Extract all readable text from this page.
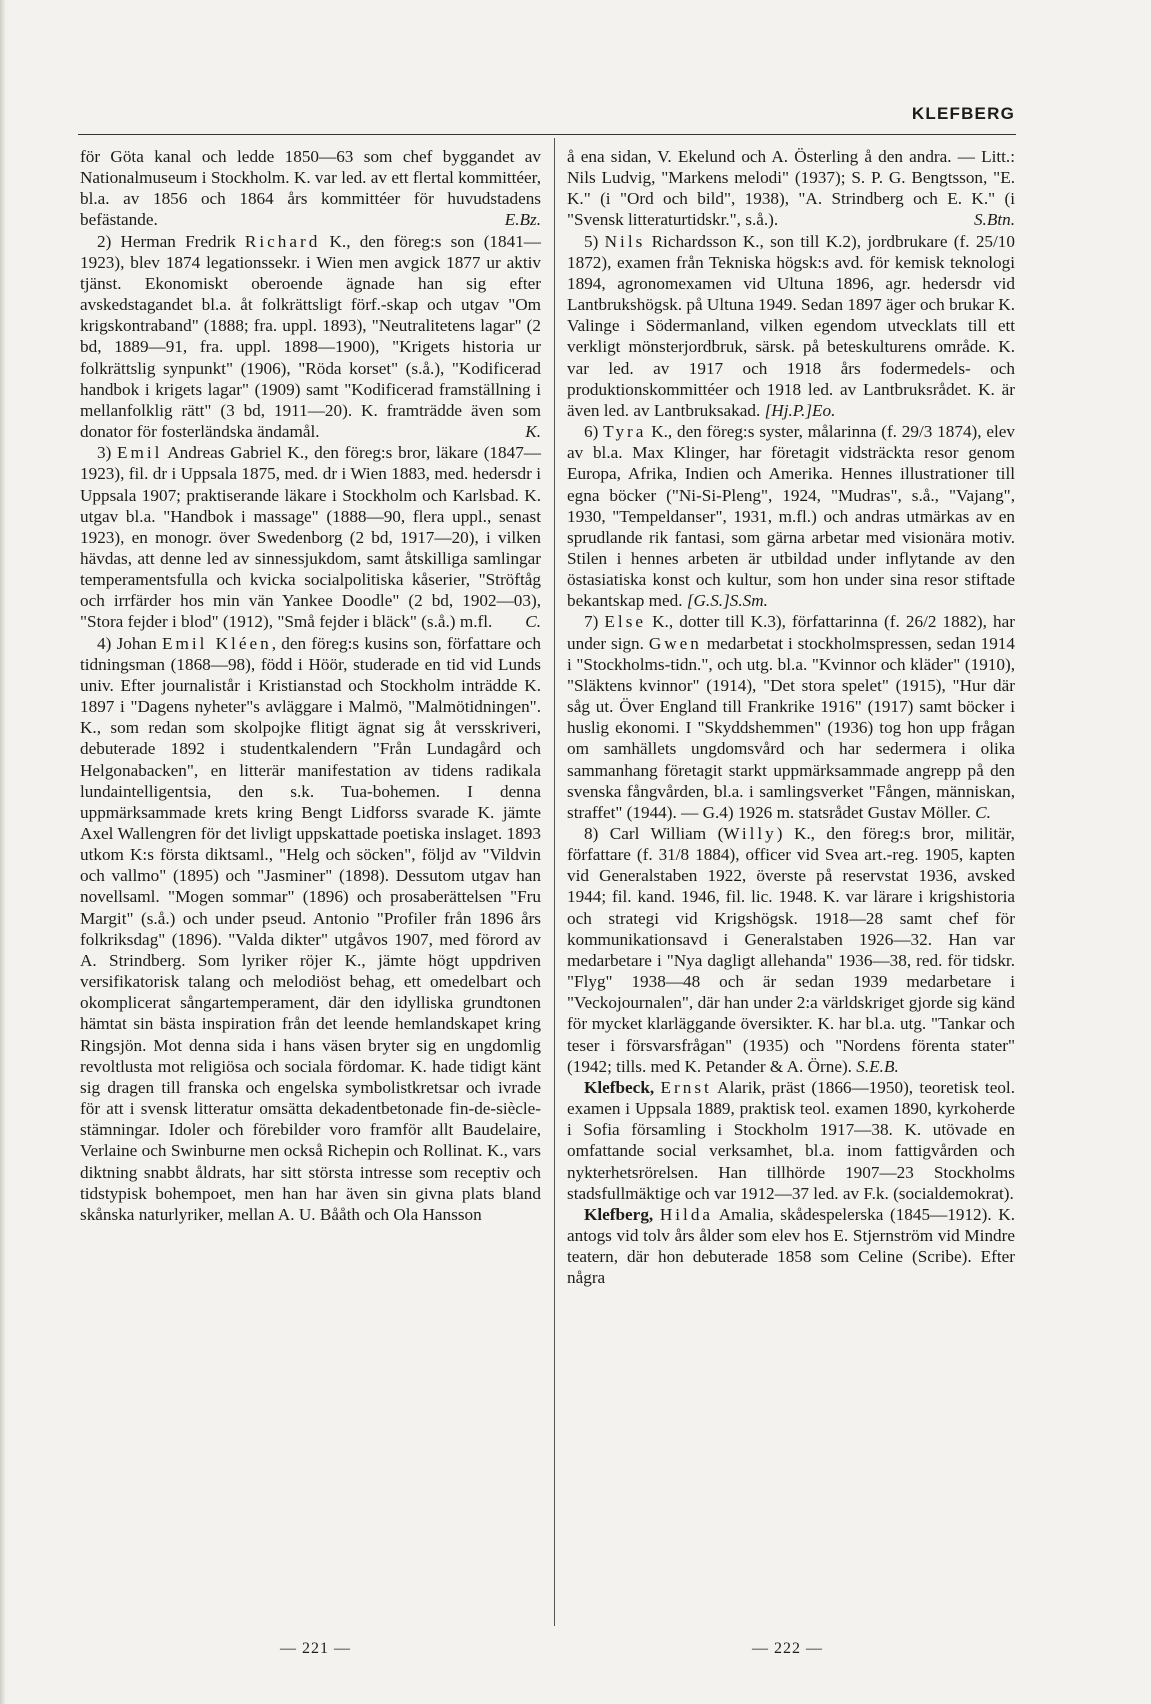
KLEFBERG

för Göta kanal och ledde 1850—63 som chef byggandet av Nationalmuseum i Stockholm. K. var led. av ett flertal kommittéer, bl.a. av 1856 och 1864 års kommittéer för huvudstadens befästande.	E.Bz.

2) Herman Fredrik Richard K., den föreg:s son (1841—1923), blev 1874 legationssekr. i Wien men avgick 1877 ur aktiv tjänst. Ekonomiskt oberoende ägnade han sig efter avskedstagandet bl.a. åt folkrättsligt förf.-skap och utgav "Om krigskontraband" (1888; fra. uppl. 1893), "Neutralitetens lagar" (2 bd, 1889—91, fra. uppl. 1898—1900), "Krigets historia ur folkrättslig synpunkt" (1906), "Röda korset" (s.å.), "Kodificerad handbok i krigets lagar" (1909) samt "Kodificerad framställning i mellanfolklig rätt" (3 bd, 1911—20). K. framträdde även som donator för fosterländska ändamål.	K.

3) Emil Andreas Gabriel K., den föreg:s bror, läkare (1847—1923), fil. dr i Uppsala 1875, med. dr i Wien 1883, med. hedersdr i Uppsala 1907; praktiserande läkare i Stockholm och Karlsbad. K. utgav bl.a. "Handbok i massage" (1888—90, flera uppl., senast 1923), en monogr. över Swedenborg (2 bd, 1917—20), i vilken hävdas, att denne led av sinnessjukdom, samt åtskilliga samlingar temperamentsfulla och kvicka socialpolitiska kåserier, "Ströftåg och irrfärder hos min vän Yankee Doodle" (2 bd, 1902—03), "Stora fejder i blod" (1912), "Små fejder i bläck" (s.å.) m.fl.	C.

4) Johan Emil Kléen, den föreg:s kusins son, författare och tidningsman (1868—98), född i Höör, studerade en tid vid Lunds univ. Efter journalistår i Kristianstad och Stockholm inträdde K. 1897 i "Dagens nyheter"s avläggare i Malmö, "Malmötidningen". K., som redan som skolpojke flitigt ägnat sig åt versskriveri, debuterade 1892 i studentkalendern "Från Lundagård och Helgonabacken", en litterär manifestation av tidens radikala lundaintelligentsia, den s.k. Tua-bohemen. I denna uppmärksammade krets kring Bengt Lidforss svarade K. jämte Axel Wallengren för det livligt uppskattade poetiska inslaget. 1893 utkom K:s första diktsaml., "Helg och söcken", följd av "Vildvin och vallmo" (1895) och "Jasminer" (1898). Dessutom utgav han novellsaml. "Mogen sommar" (1896) och prosaberättelsen "Fru Margit" (s.å.) och under pseud. Antonio "Profiler från 1896 års folkriksdag" (1896). "Valda dikter" utgåvos 1907, med förord av A. Strindberg. Som lyriker röjer K., jämte högt uppdriven versifikatorisk talang och melodiöst behag, ett omedelbart och okomplicerat sångartemperament, där den idylliska grundtonen hämtat sin bästa inspiration från det leende hemlandskapet kring Ringsjön. Mot denna sida i hans väsen bryter sig en ungdomlig revoltlusta mot religiösa och sociala fördomar. K. hade tidigt känt sig dragen till franska och engelska symbolistkretsar och ivrade för att i svensk litteratur omsätta dekadentbetonade fin-de-siècle-stämningar. Idoler och förebilder voro framför allt Baudelaire, Verlaine och Swinburne men också Richepin och Rollinat. K., vars diktning snabbt åldrats, har sitt största intresse som receptiv och tidstypisk bohempoet, men han har även sin givna plats bland skånska naturlyriker, mellan A. U. Bååth och Ola Hansson

å ena sidan, V. Ekelund och A. Österling å den andra. — Litt.: Nils Ludvig, "Markens melodi" (1937); S. P. G. Bengtsson, "E. K." (i "Ord och bild", 1938), "A. Strindberg och E. K." (i "Svensk litteraturtidskr.", s.å.).	S.Btn.

5) Nils Richardsson K., son till K.2), jordbrukare (f. 25/10 1872), examen från Tekniska högsk:s avd. för kemisk teknologi 1894, agronomexamen vid Ultuna 1896, agr. hedersdr vid Lantbrukshögsk. på Ultuna 1949. Sedan 1897 äger och brukar K. Valinge i Södermanland, vilken egendom utvecklats till ett verkligt mönsterjordbruk, särsk. på beteskulturens område. K. var led. av 1917 och 1918 års fodermedels- och produktionskommittéer och 1918 led. av Lantbruksrådet. K. är även led. av Lantbruksakad. [Hj.P.]Eo.

6) Tyra K., den föreg:s syster, målarinna (f. 29/3 1874), elev av bl.a. Max Klinger, har företagit vidsträckta resor genom Europa, Afrika, Indien och Amerika. Hennes illustrationer till egna böcker ("Ni-Si-Pleng", 1924, "Mudras", s.å., "Vajang", 1930, "Tempeldanser", 1931, m.fl.) och andras utmärkas av en sprudlande rik fantasi, som gärna arbetar med visionära motiv. Stilen i hennes arbeten är utbildad under inflytande av den östasiatiska konst och kultur, som hon under sina resor stiftade bekantskap med. [G.S.]S.Sm.

7) Else K., dotter till K.3), författarinna (f. 26/2 1882), har under sign. Gwen medarbetat i stockholmspressen, sedan 1914 i "Stockholms-tidn.", och utg. bl.a. "Kvinnor och kläder" (1910), "Släktens kvinnor" (1914), "Det stora spelet" (1915), "Hur där såg ut. Över England till Frankrike 1916" (1917) samt böcker i huslig ekonomi. I "Skyddshemmen" (1936) tog hon upp frågan om samhällets ungdomsvård och har sedermera i olika sammanhang företagit starkt uppmärksammade angrepp på den svenska fångvården, bl.a. i samlingsverket "Fången, människan, straffet" (1944). — G.4) 1926 m. statsrådet Gustav Möller. C.

8) Carl William (Willy) K., den föreg:s bror, militär, författare (f. 31/8 1884), officer vid Svea art.-reg. 1905, kapten vid Generalstaben 1922, överste på reservstat 1936, avsked 1944; fil. kand. 1946, fil. lic. 1948. K. var lärare i krigshistoria och strategi vid Krigshögsk. 1918—28 samt chef för kommunikationsavd i Generalstaben 1926—32. Han var medarbetare i "Nya dagligt allehanda" 1936—38, red. för tidskr. "Flyg" 1938—48 och är sedan 1939 medarbetare i "Veckojournalen", där han under 2:a världskriget gjorde sig känd för mycket klarläggande översikter. K. har bl.a. utg. "Tankar och teser i försvarsfrågan" (1935) och "Nordens förenta stater" (1942; tills. med K. Petander & A. Örne). S.E.B.

Klefbeck, Ernst Alarik, präst (1866—1950), teoretisk teol. examen i Uppsala 1889, praktisk teol. examen 1890, kyrkoherde i Sofia församling i Stockholm 1917—38. K. utövade en omfattande social verksamhet, bl.a. inom fattigvården och nykterhetsrörelsen. Han tillhörde 1907—23 Stockholms stadsfullmäktige och var 1912—37 led. av F.k. (socialdemokrat).

Klefberg, Hilda Amalia, skådespelerska (1845—1912). K. antogs vid tolv års ålder som elev hos E. Stjernström vid Mindre teatern, där hon debuterade 1858 som Celine (Scribe). Efter några

— 221 —	— 222 —
